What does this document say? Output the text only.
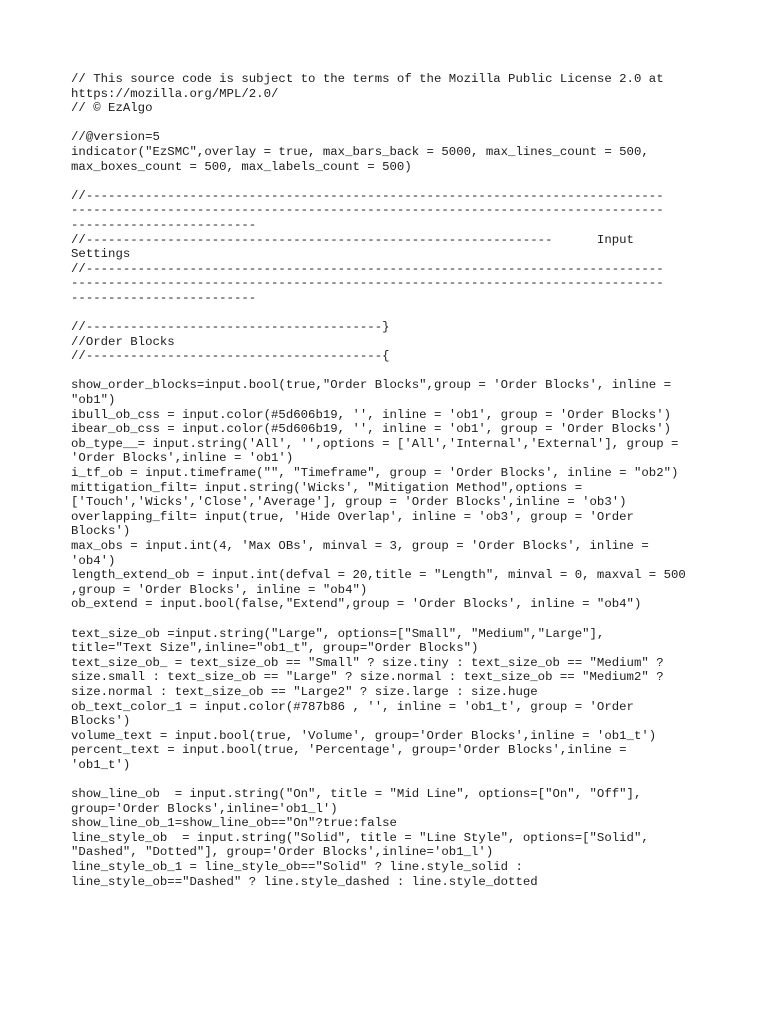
// This source code is subject to the terms of the Mozilla Public License 2.0 at
https://mozilla.org/MPL/2.0/
// © EzAlgo
//@version=5
indicator("EzSMC",overlay = true, max_bars_back = 5000, max_lines_count = 500,
max_boxes_count = 500, max_labels_count = 500)
//------------------------------------------------------------------------------
--------------------------------------------------------------------------------
-------------------------
//---------------------------------------------------------------      Input
Settings
//------------------------------------------------------------------------------
--------------------------------------------------------------------------------
-------------------------
//----------------------------------------}
//Order Blocks
//----------------------------------------{
show_order_blocks=input.bool(true,"Order Blocks",group = 'Order Blocks', inline =
"ob1")
ibull_ob_css = input.color(#5d606b19, '', inline = 'ob1', group = 'Order Blocks')
ibear_ob_css = input.color(#5d606b19, '', inline = 'ob1', group = 'Order Blocks')
ob_type__= input.string('All', '',options = ['All','Internal','External'], group =
'Order Blocks',inline = 'ob1')
i_tf_ob = input.timeframe("", "Timeframe", group = 'Order Blocks', inline = "ob2")
mittigation_filt= input.string('Wicks', "Mitigation Method",options =
['Touch','Wicks','Close','Average'], group = 'Order Blocks',inline = 'ob3')
overlapping_filt= input(true, 'Hide Overlap', inline = 'ob3', group = 'Order
Blocks')
max_obs = input.int(4, 'Max OBs', minval = 3, group = 'Order Blocks', inline =
'ob4')
length_extend_ob = input.int(defval = 20,title = "Length", minval = 0, maxval = 500
,group = 'Order Blocks', inline = "ob4")
ob_extend = input.bool(false,"Extend",group = 'Order Blocks', inline = "ob4")
text_size_ob =input.string("Large", options=["Small", "Medium","Large"],
title="Text Size",inline="ob1_t", group="Order Blocks")
text_size_ob_ = text_size_ob == "Small" ? size.tiny : text_size_ob == "Medium" ?
size.small : text_size_ob == "Large" ? size.normal : text_size_ob == "Medium2" ?
size.normal : text_size_ob == "Large2" ? size.large : size.huge
ob_text_color_1 = input.color(#787b86 , '', inline = 'ob1_t', group = 'Order
Blocks')
volume_text = input.bool(true, 'Volume', group='Order Blocks',inline = 'ob1_t')
percent_text = input.bool(true, 'Percentage', group='Order Blocks',inline =
'ob1_t')
show_line_ob  = input.string("On", title = "Mid Line", options=["On", "Off"],
group='Order Blocks',inline='ob1_l')
show_line_ob_1=show_line_ob=="On"?true:false
line_style_ob  = input.string("Solid", title = "Line Style", options=["Solid",
"Dashed", "Dotted"], group='Order Blocks',inline='ob1_l')
line_style_ob_1 = line_style_ob=="Solid" ? line.style_solid :
line_style_ob=="Dashed" ? line.style_dashed : line.style_dotted
